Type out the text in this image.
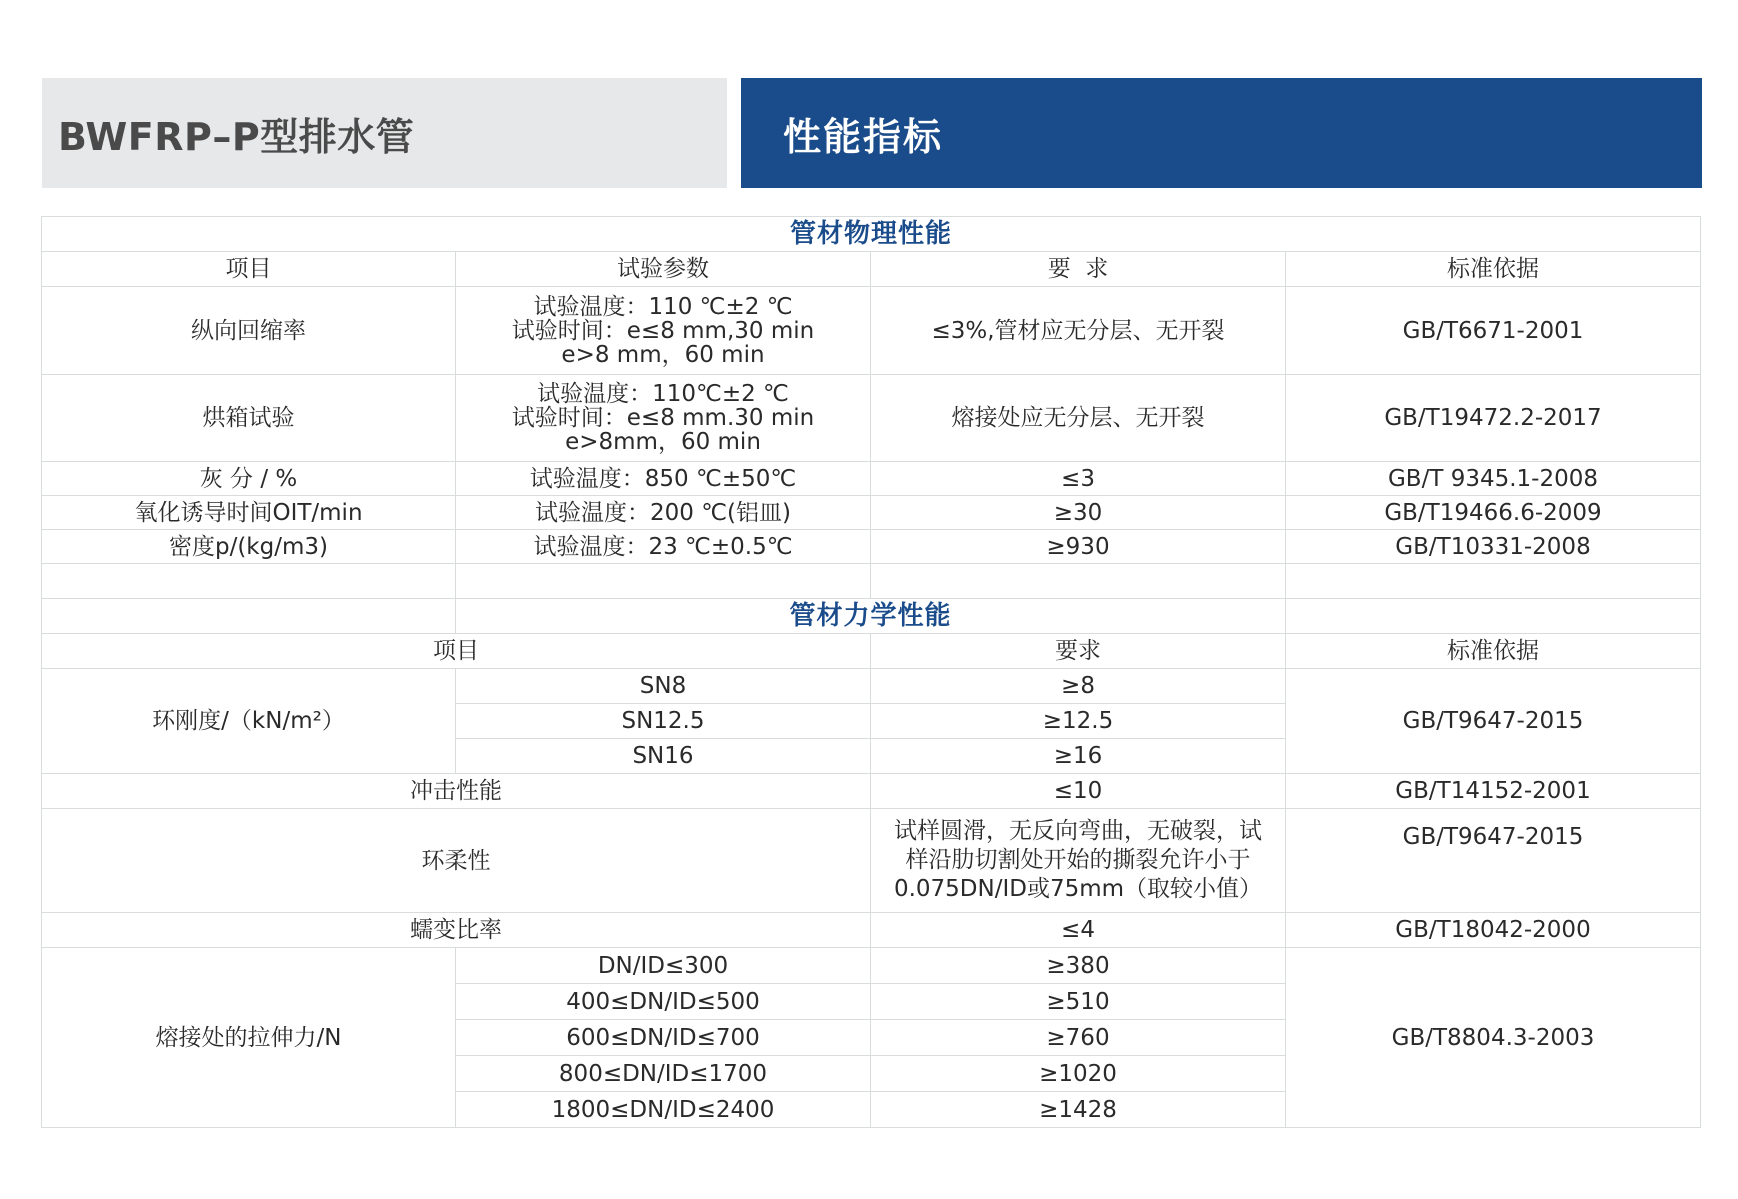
BWFRP–P型排水管	性能指标
管材物理性能			
项目	试验参数	要  求	标准依据
纵向回缩率	试验温度：110 ℃±2 ℃
试验时间：e≤8 mm,30 min
e>8 mm，60 min	≤3%,管材应无分层、无开裂	GB/T6671-2001
烘箱试验	试验温度：110℃±2 ℃
试验时间：e≤8 mm.30 min
e>8mm，60 min	熔接处应无分层、无开裂	GB/T19472.2-2017
灰 分 / %	试验温度：850 ℃±50℃	≤3	GB/T 9345.1-2008
氧化诱导时间OIT/min	试验温度：200 ℃(铝皿)	≥30	GB/T19466.6-2009
密度p/(kg/m3)	试验温度：23 ℃±0.5℃	≥930	GB/T10331-2008

	管材力学性能		
项目		要求	标准依据
环刚度/（kN/m²）	SN8	≥8	GB/T9647-2015
	SN12.5	≥12.5	
	SN16	≥16	
冲击性能		≤10	GB/T14152-2001
环柔性		试样圆滑，无反向弯曲，无破裂，试
样沿肋切割处开始的撕裂允许小于
0.075DN/ID或75mm（取较小值）	GB/T9647-2015
蠕变比率		≤4	GB/T18042-2000
熔接处的拉伸力/N	DN/ID≤300	≥380	GB/T8804.3-2003
	400≤DN/ID≤500	≥510	
	600≤DN/ID≤700	≥760	
	800≤DN/ID≤1700	≥1020	
	1800≤DN/ID≤2400	≥1428	
